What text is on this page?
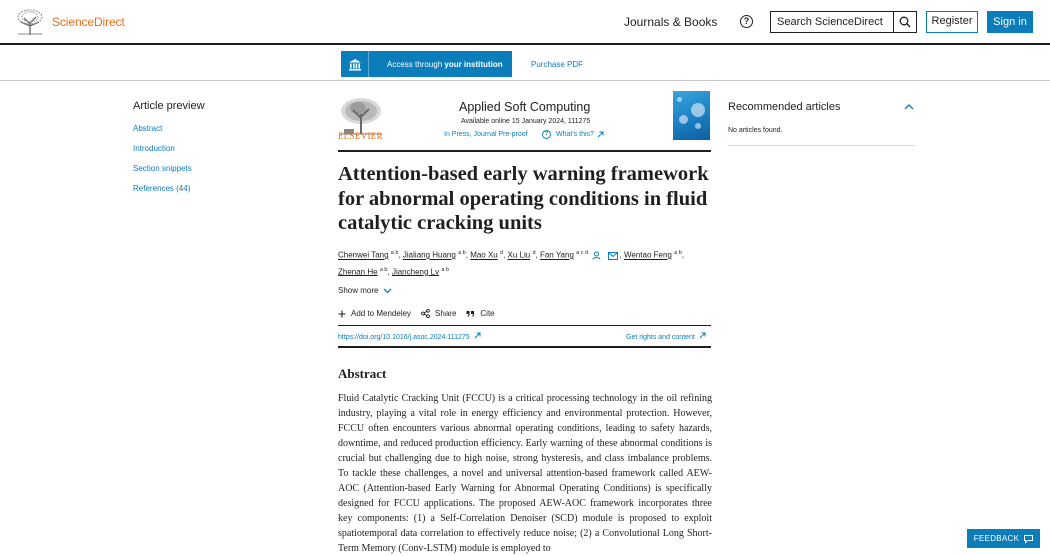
ScienceDirect	Journals & Books	?
Search ScienceDirect	Register	Sign in
Access through your institution	Purchase PDF
Article preview
Abstract
Introduction
Section snippets
References (44)
ELSEVIER
Applied Soft Computing
Available online 15 January 2024, 111275
In Press, Journal Pre-proof	?	What's this?
Attention-based early warning framework for abnormal operating conditions in fluid catalytic cracking units
Chenwei Tang $^{a b}$, Jialiang Huang $^{a b}$, Mao Xu $^d$, Xu Liu $^d$, Fan Yang $^{a c d}$	, Wentao Feng $^{a b}$,
Zhenan He $^{a b}$, Jiancheng Lv $^{a b}$
Show more
Add to Mendeley	Share	Cite
https://doi.org/10.1016/j.asoc.2024.111275	Get rights and content
Abstract

Fluid Catalytic Cracking Unit (FCCU) is a critical processing technology in the oil refining industry, playing a vital role in energy efficiency and environmental protection. However, FCCU often encounters various abnormal operating conditions, leading to safety hazards, downtime, and reduced production efficiency. Early warning of these abnormal conditions is crucial but challenging due to high noise, strong hysteresis, and class imbalance problems. To tackle these challenges, a novel and universal attention-based framework called AEW-AOC (Attention-based Early Warning for Abnormal Operating Conditions) is specifically designed for FCCU applications. The proposed AEW-AOC framework incorporates three key components: (1) a Self-Correlation Denoiser (SCD) module is proposed to exploit spatiotemporal data correlation to effectively reduce noise; (2) a Convolutional Long Short-Term Memory (Conv-LSTM) module is employed to

Recommended articles
No articles found.
FEEDBACK
